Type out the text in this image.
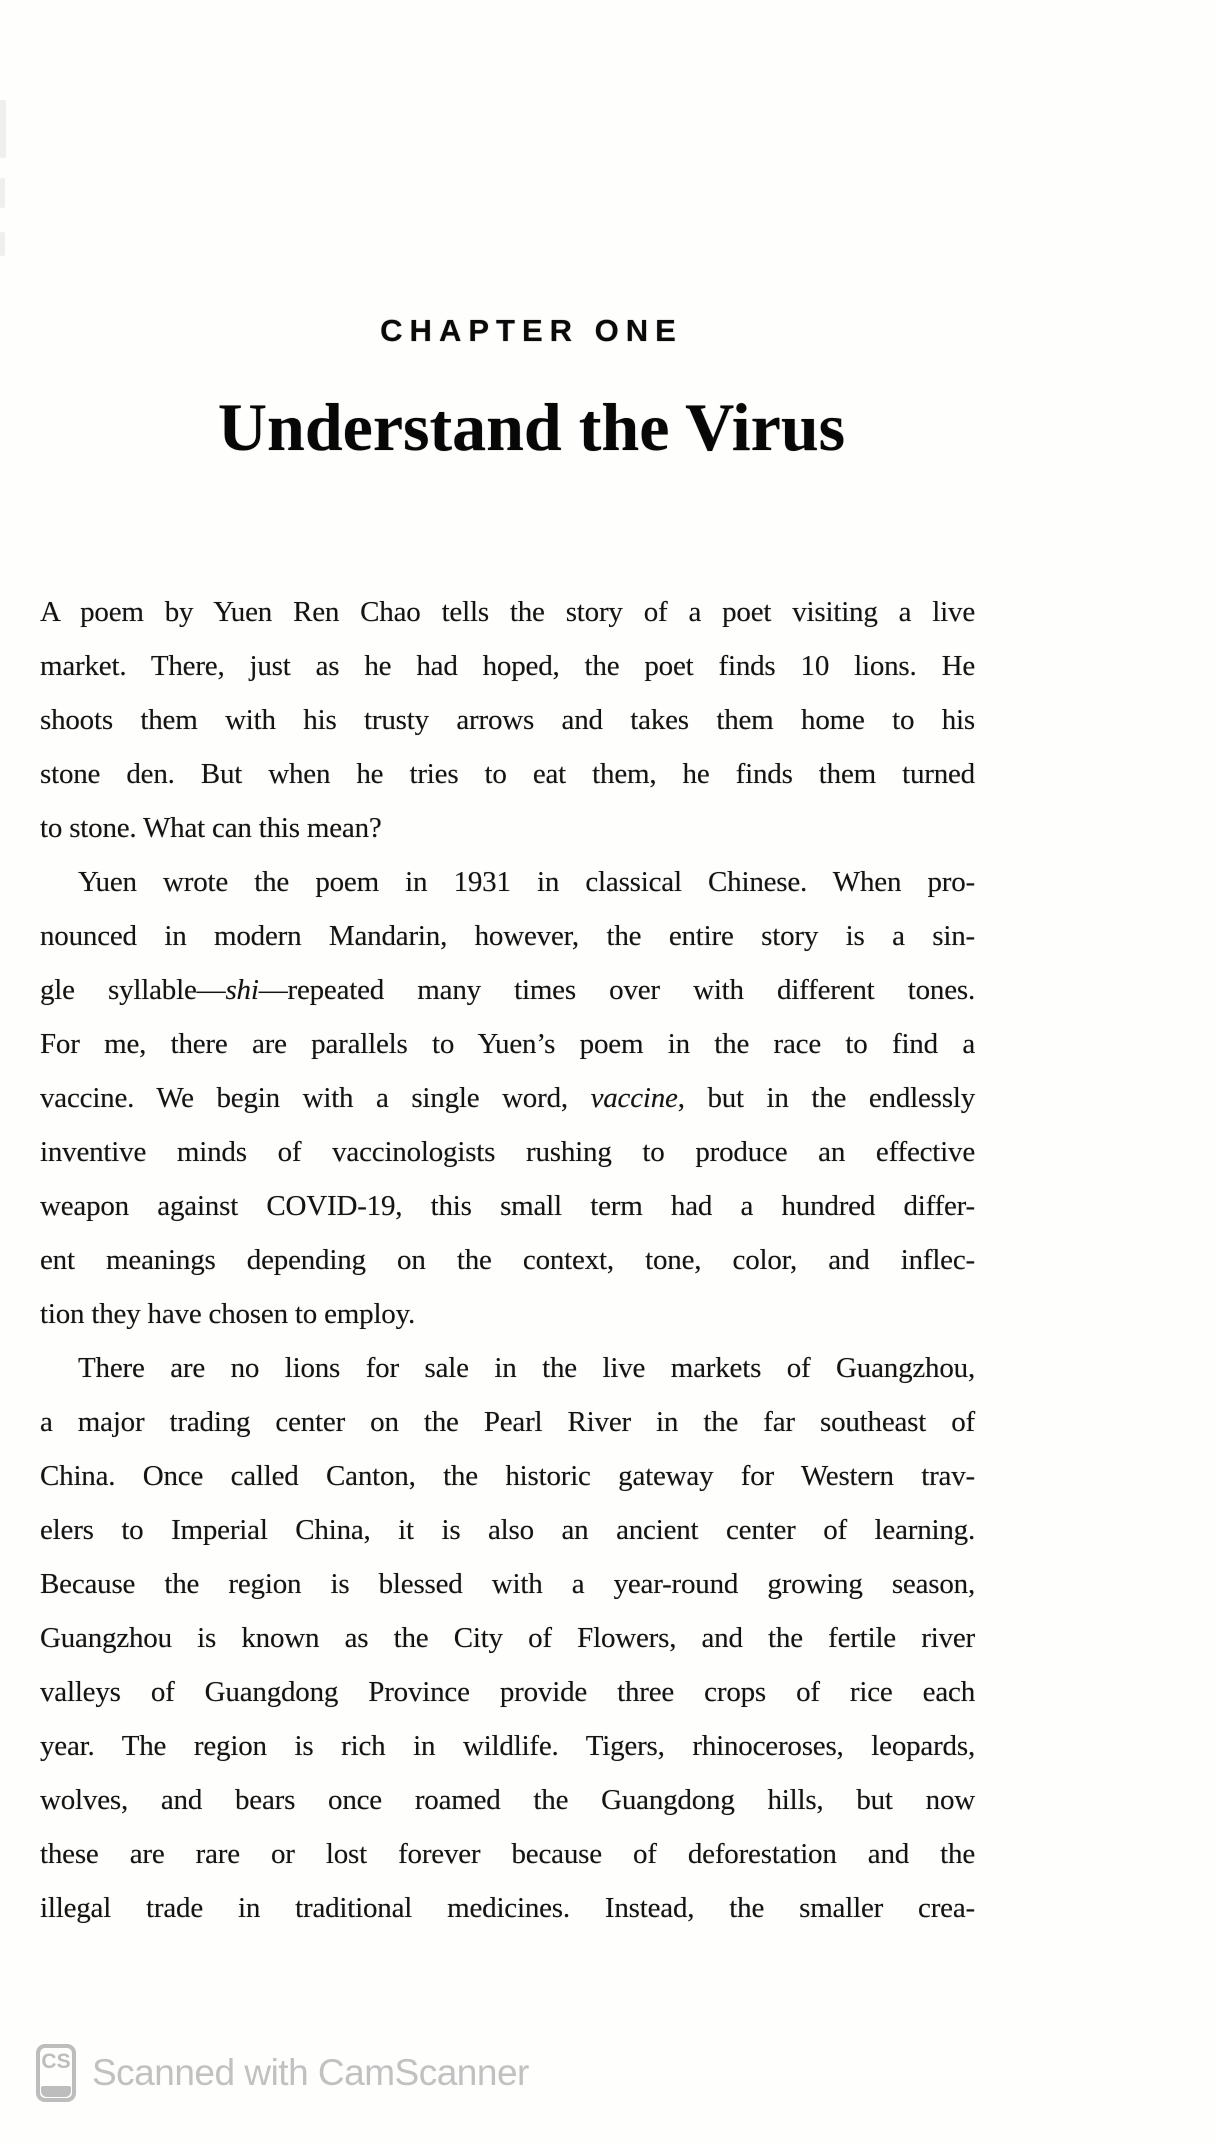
CHAPTER ONE
Understand the Virus
A poem by Yuen Ren Chao tells the story of a poet visiting a live
market. There, just as he had hoped, the poet finds 10 lions. He
shoots them with his trusty arrows and takes them home to his
stone den. But when he tries to eat them, he finds them turned
to stone. What can this mean?
Yuen wrote the poem in 1931 in classical Chinese. When pro-
nounced in modern Mandarin, however, the entire story is a sin-
gle syllable—shi—repeated many times over with different tones.
For me, there are parallels to Yuen’s poem in the race to find a
vaccine. We begin with a single word, vaccine, but in the endlessly
inventive minds of vaccinologists rushing to produce an effective
weapon against COVID-19, this small term had a hundred differ-
ent meanings depending on the context, tone, color, and inflec-
tion they have chosen to employ.
There are no lions for sale in the live markets of Guangzhou,
a major trading center on the Pearl River in the far southeast of
China. Once called Canton, the historic gateway for Western trav-
elers to Imperial China, it is also an ancient center of learning.
Because the region is blessed with a year-round growing season,
Guangzhou is known as the City of Flowers, and the fertile river
valleys of Guangdong Province provide three crops of rice each
year. The region is rich in wildlife. Tigers, rhinoceroses, leopards,
wolves, and bears once roamed the Guangdong hills, but now
these are rare or lost forever because of deforestation and the
illegal trade in traditional medicines. Instead, the smaller crea-
CS Scanned with CamScanner
